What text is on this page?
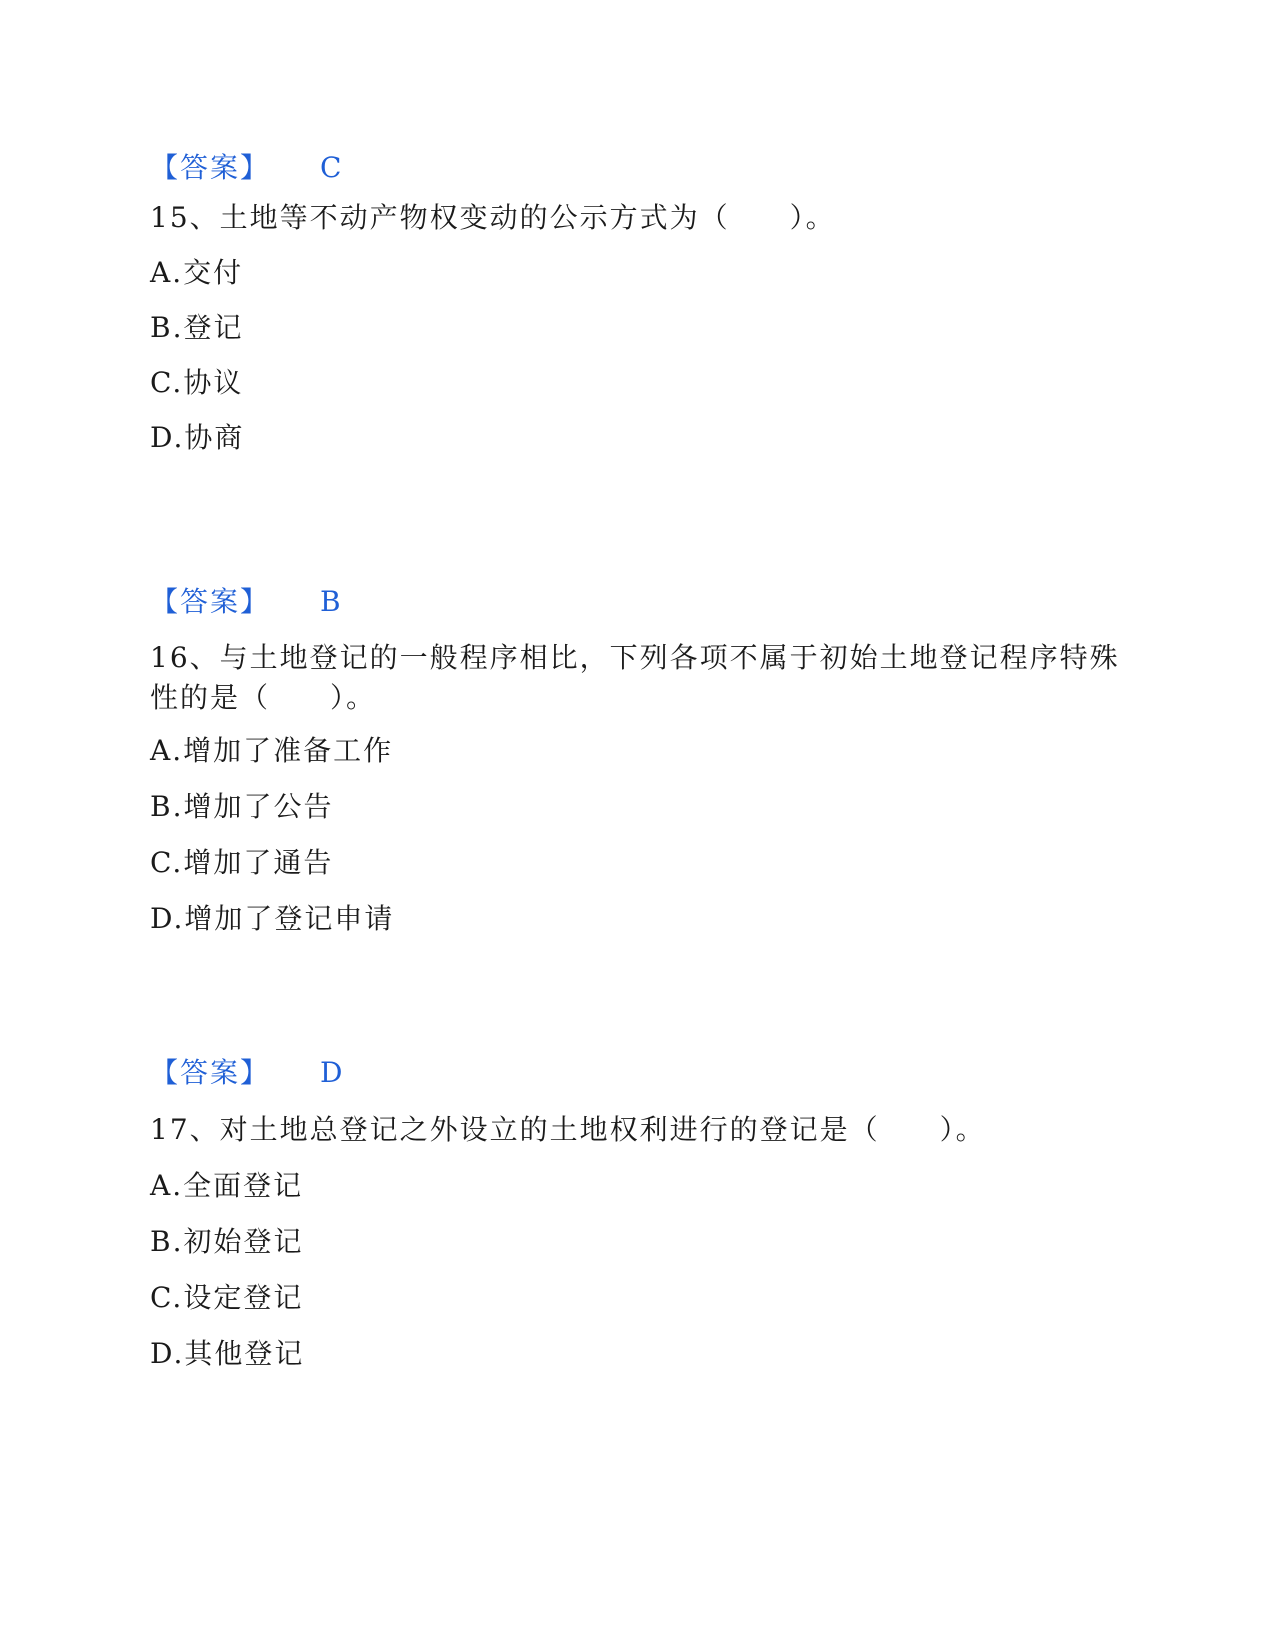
【答案】 C
15、土地等不动产物权变动的公示方式为（　　）。
A.交付
B.登记
C.协议
D.协商
【答案】 B
16、与土地登记的一般程序相比，下列各项不属于初始土地登记程序特殊性的是（　　）。
A.增加了准备工作
B.增加了公告
C.增加了通告
D.增加了登记申请
【答案】 D
17、对土地总登记之外设立的土地权利进行的登记是（　　）。
A.全面登记
B.初始登记
C.设定登记
D.其他登记
